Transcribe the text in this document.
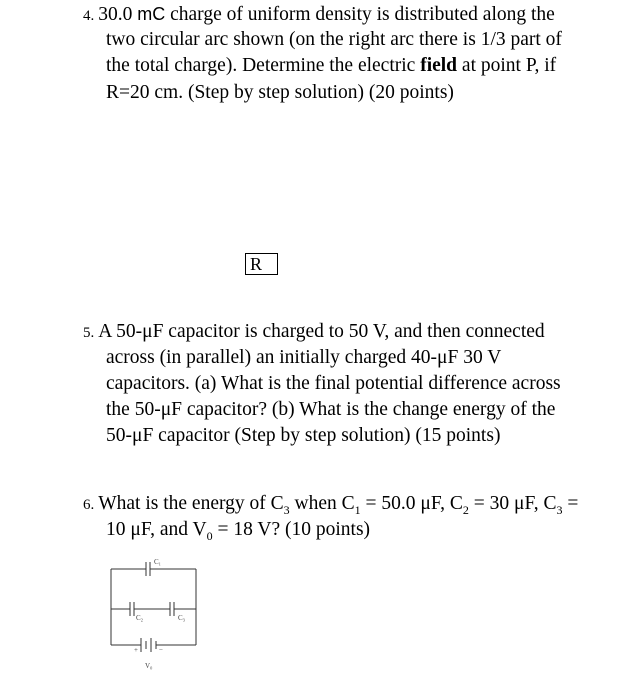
4. 30.0 mC charge of uniform density is distributed along the
two circular arc shown (on the right arc there is 1/3 part of
the total charge). Determine the electric field at point P, if
R=20 cm. (Step by step solution) (20 points)
R
5. A 50-μF capacitor is charged to 50 V, and then connected
across (in parallel) an initially charged 40-μF 30 V
capacitors. (a) What is the final potential difference across
the 50-μF capacitor? (b) What is the change energy of the
50-μF capacitor (Step by step solution) (15 points)
6. What is the energy of $C_3$ when $C_1 = 50.0$ μF, $C_2 = 30$ μF, $C_3$ =
10 μF, and $V_0 = 18$ V? (10 points)
C₁
C₂	C₃
V₀
+	−
